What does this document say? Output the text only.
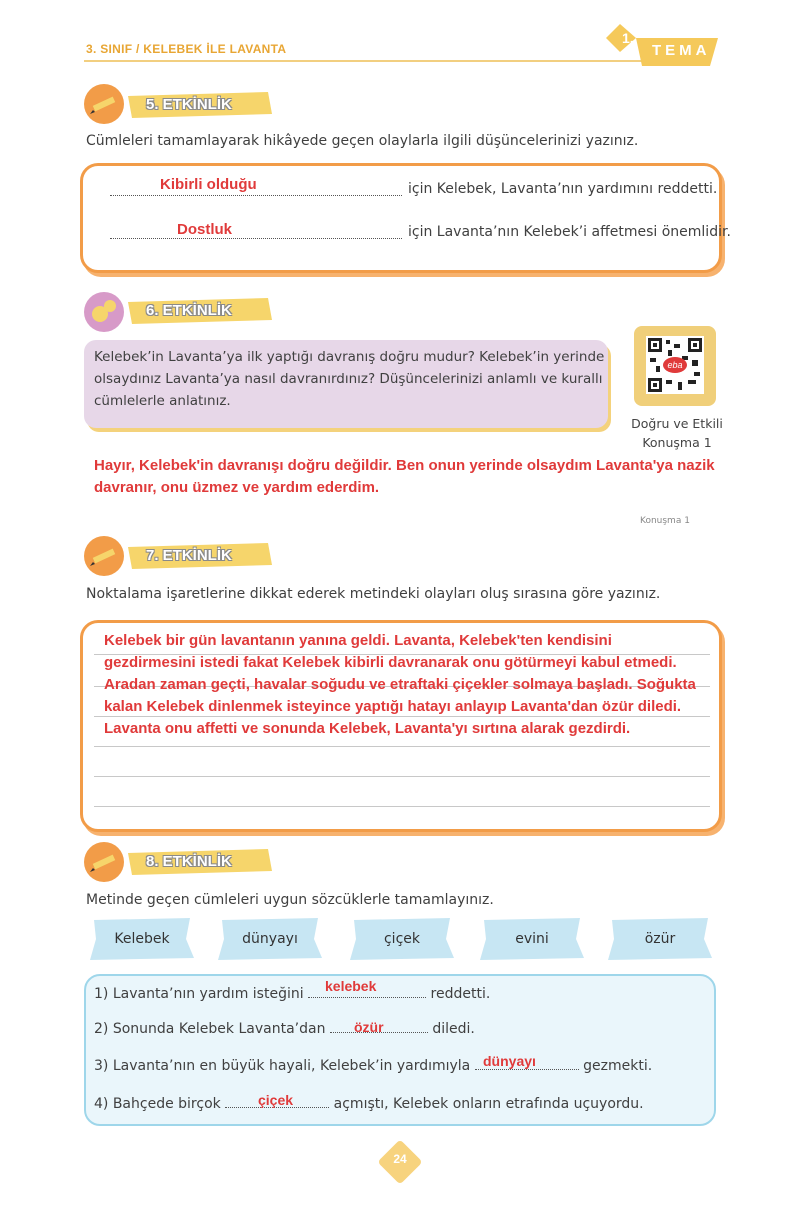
3. SINIF / KELEBEK İLE LAVANTA
1.
TEMA
5. ETKİNLİK
Cümleleri tamamlayarak hikâyede geçen olaylarla ilgili düşüncelerinizi yazınız.
Kibirli olduğu	için Kelebek, Lavanta’nın yardımını reddetti.
Dostluk	için Lavanta’nın Kelebek’i affetmesi önemlidir.
6. ETKİNLİK
Kelebek’in Lavanta’ya ilk yaptığı davranış doğru mudur? Kelebek’in yerinde olsaydınız Lavanta’ya nasıl davranırdınız? Düşüncelerinizi anlamlı ve kurallı cümlelerle anlatınız.
eba
Doğru ve Etkili Konuşma 1
Hayır, Kelebek'in davranışı doğru değildir. Ben onun yerinde olsaydım Lavanta'ya nazik davranır, onu üzmez ve yardım ederdim.
Konuşma 1
7. ETKİNLİK
Noktalama işaretlerine dikkat ederek metindeki olayları oluş sırasına göre yazınız.
Kelebek bir gün lavantanın yanına geldi. Lavanta, Kelebek'ten kendisini gezdirmesini istedi fakat Kelebek kibirli davranarak onu götürmeyi kabul etmedi. Aradan zaman geçti, havalar soğudu ve etraftaki çiçekler solmaya başladı. Soğukta kalan Kelebek dinlenmek isteyince yaptığı hatayı anlayıp Lavanta'dan özür diledi. Lavanta onu affetti ve sonunda Kelebek, Lavanta'yı sırtına alarak gezdirdi.
8. ETKİNLİK
Metinde geçen cümleleri uygun sözcüklerle tamamlayınız.
Kelebek	dünyayı	çiçek	evini	özür
1) Lavanta’nın yardım isteğini	reddetti.
kelebek
2) Sonunda Kelebek Lavanta’dan	diledi.
özür
3) Lavanta’nın en büyük hayali, Kelebek’in yardımıyla	gezmekti.
dünyayı
4) Bahçede birçok	açmıştı, Kelebek onların etrafında uçuyordu.
çiçek
24
